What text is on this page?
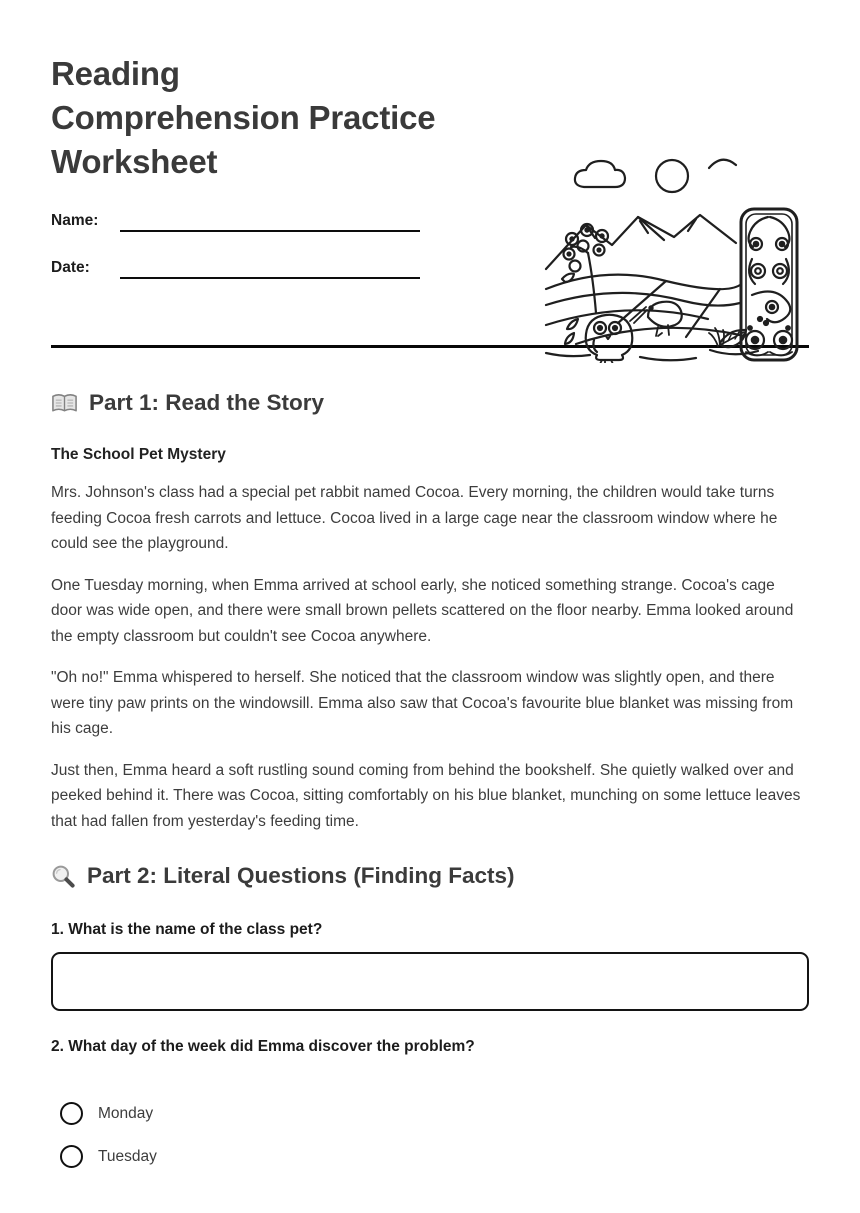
Reading
Comprehension Practice
Worksheet
Name:
Date:
Part 1: Read the Story
The School Pet Mystery

Mrs. Johnson's class had a special pet rabbit named Cocoa. Every morning, the children would take turns feeding Cocoa fresh carrots and lettuce. Cocoa lived in a large cage near the classroom window where he could see the playground.

One Tuesday morning, when Emma arrived at school early, she noticed something strange. Cocoa's cage door was wide open, and there were small brown pellets scattered on the floor nearby. Emma looked around the empty classroom but couldn't see Cocoa anywhere.

"Oh no!" Emma whispered to herself. She noticed that the classroom window was slightly open, and there were tiny paw prints on the windowsill. Emma also saw that Cocoa's favourite blue blanket was missing from his cage.

Just then, Emma heard a soft rustling sound coming from behind the bookshelf. She quietly walked over and peeked behind it. There was Cocoa, sitting comfortably on his blue blanket, munching on some lettuce leaves that had fallen from yesterday's feeding time.

Part 2: Literal Questions (Finding Facts)
1. What is the name of the class pet?
2. What day of the week did Emma discover the problem?
Monday
Tuesday
